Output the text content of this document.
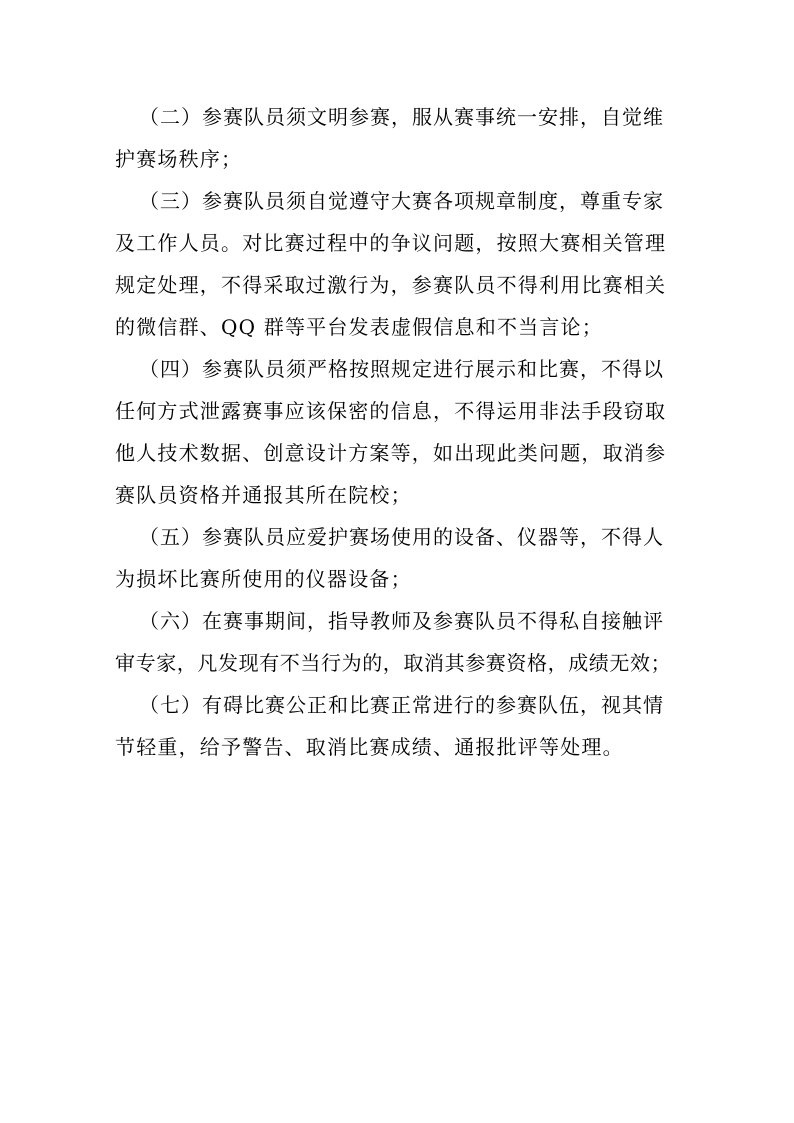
（二）参赛队员须文明参赛，服从赛事统一安排，自觉维
护赛场秩序；
（三）参赛队员须自觉遵守大赛各项规章制度，尊重专家
及工作人员。对比赛过程中的争议问题，按照大赛相关管理
规定处理，不得采取过激行为，参赛队员不得利用比赛相关
的微信群、QQ 群等平台发表虚假信息和不当言论；
（四）参赛队员须严格按照规定进行展示和比赛，不得以
任何方式泄露赛事应该保密的信息，不得运用非法手段窃取
他人技术数据、创意设计方案等，如出现此类问题，取消参
赛队员资格并通报其所在院校；
（五）参赛队员应爱护赛场使用的设备、仪器等，不得人
为损坏比赛所使用的仪器设备；
（六）在赛事期间，指导教师及参赛队员不得私自接触评
审专家，凡发现有不当行为的，取消其参赛资格，成绩无效；
（七）有碍比赛公正和比赛正常进行的参赛队伍，视其情
节轻重，给予警告、取消比赛成绩、通报批评等处理。
